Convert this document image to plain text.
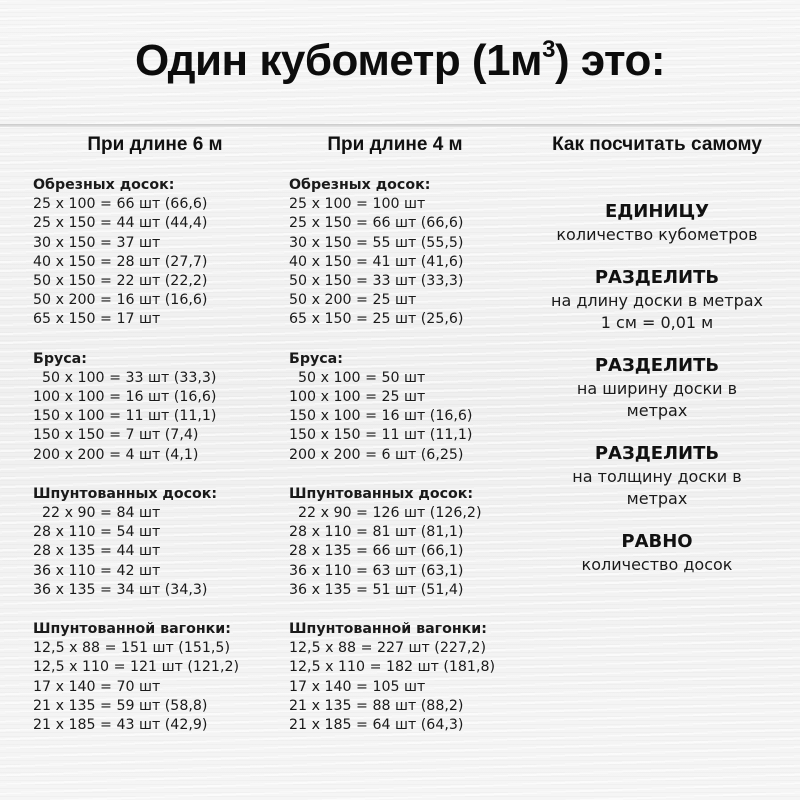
Один кубометр $(1м^3)$ это:
При длине 6 м	При длине 4 м	Как посчитать самому
Обрезных досок:
25 x 100 = 66 шт (66,6)
25 x 150 = 44 шт (44,4)
30 x 150 = 37 шт
40 x 150 = 28 шт (27,7)
50 x 150 = 22 шт (22,2)
50 x 200 = 16 шт (16,6)
65 x 150 = 17 шт
Бруса:
50 x 100 = 33 шт (33,3)
100 x 100 = 16 шт (16,6)
150 x 100 = 11 шт (11,1)
150 x 150 = 7 шт (7,4)
200 x 200 = 4 шт (4,1)
Шпунтованных досок:
22 x 90 = 84 шт
28 x 110 = 54 шт
28 x 135 = 44 шт
36 x 110 = 42 шт
36 x 135 = 34 шт (34,3)
Шпунтованной вагонки:
12,5 x 88 = 151 шт (151,5)
12,5 x 110 = 121 шт (121,2)
17 x 140 = 70 шт
21 x 135 = 59 шт (58,8)
21 x 185 = 43 шт (42,9)
Обрезных досок:
25 x 100 = 100 шт
25 x 150 = 66 шт (66,6)
30 x 150 = 55 шт (55,5)
40 x 150 = 41 шт (41,6)
50 x 150 = 33 шт (33,3)
50 x 200 = 25 шт
65 x 150 = 25 шт (25,6)
Бруса:
50 x 100 = 50 шт
100 x 100 = 25 шт
150 x 100 = 16 шт (16,6)
150 x 150 = 11 шт (11,1)
200 x 200 = 6 шт (6,25)
Шпунтованных досок:
22 x 90 = 126 шт (126,2)
28 x 110 = 81 шт (81,1)
28 x 135 = 66 шт (66,1)
36 x 110 = 63 шт (63,1)
36 x 135 = 51 шт (51,4)
Шпунтованной вагонки:
12,5 x 88 = 227 шт (227,2)
12,5 x 110 = 182 шт (181,8)
17 x 140 = 105 шт
21 x 135 = 88 шт (88,2)
21 x 185 = 64 шт (64,3)
ЕДИНИЦУ
количество кубометров
РАЗДЕЛИТЬ
на длину доски в метрах
1 см = 0,01 м
РАЗДЕЛИТЬ
на ширину доски в
метрах
РАЗДЕЛИТЬ
на толщину доски в
метрах
РАВНО
количество досок
